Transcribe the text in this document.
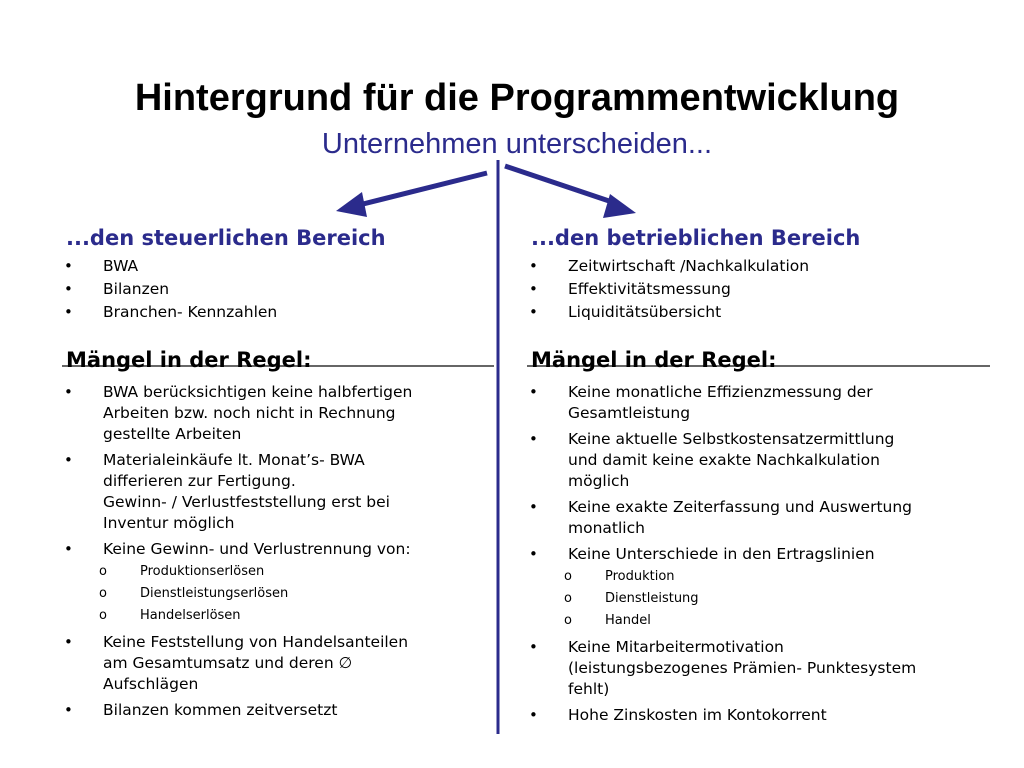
Hintergrund für die Programmentwicklung
Unternehmen unterscheiden...
...den steuerlichen Bereich
• BWA
• Bilanzen
• Branchen- Kennzahlen
Mängel in der Regel:
• BWA berücksichtigen keine halbfertigen
Arbeiten bzw. noch nicht in Rechnung
gestellte Arbeiten
• Materialeinkäufe lt. Monat’s- BWA
differieren zur Fertigung.
Gewinn- / Verlustfeststellung erst bei
Inventur möglich
• Keine Gewinn- und Verlustrennung von:
o Produktionserlösen
o Dienstleistungserlösen
o Handelserlösen
• Keine Feststellung von Handelsanteilen
am Gesamtumsatz und deren ∅
Aufschlägen
• Bilanzen kommen zeitversetzt
...den betrieblichen Bereich
• Zeitwirtschaft /Nachkalkulation
• Effektivitätsmessung
• Liquiditätsübersicht
Mängel in der Regel:
• Keine monatliche Effizienzmessung der
Gesamtleistung
• Keine aktuelle Selbstkostensatzermittlung
und damit keine exakte Nachkalkulation
möglich
• Keine exakte Zeiterfassung und Auswertung
monatlich
• Keine Unterschiede in den Ertragslinien
o Produktion
o Dienstleistung
o Handel
• Keine Mitarbeitermotivation
(leistungsbezogenes Prämien- Punktesystem
fehlt)
• Hohe Zinskosten im Kontokorrent
